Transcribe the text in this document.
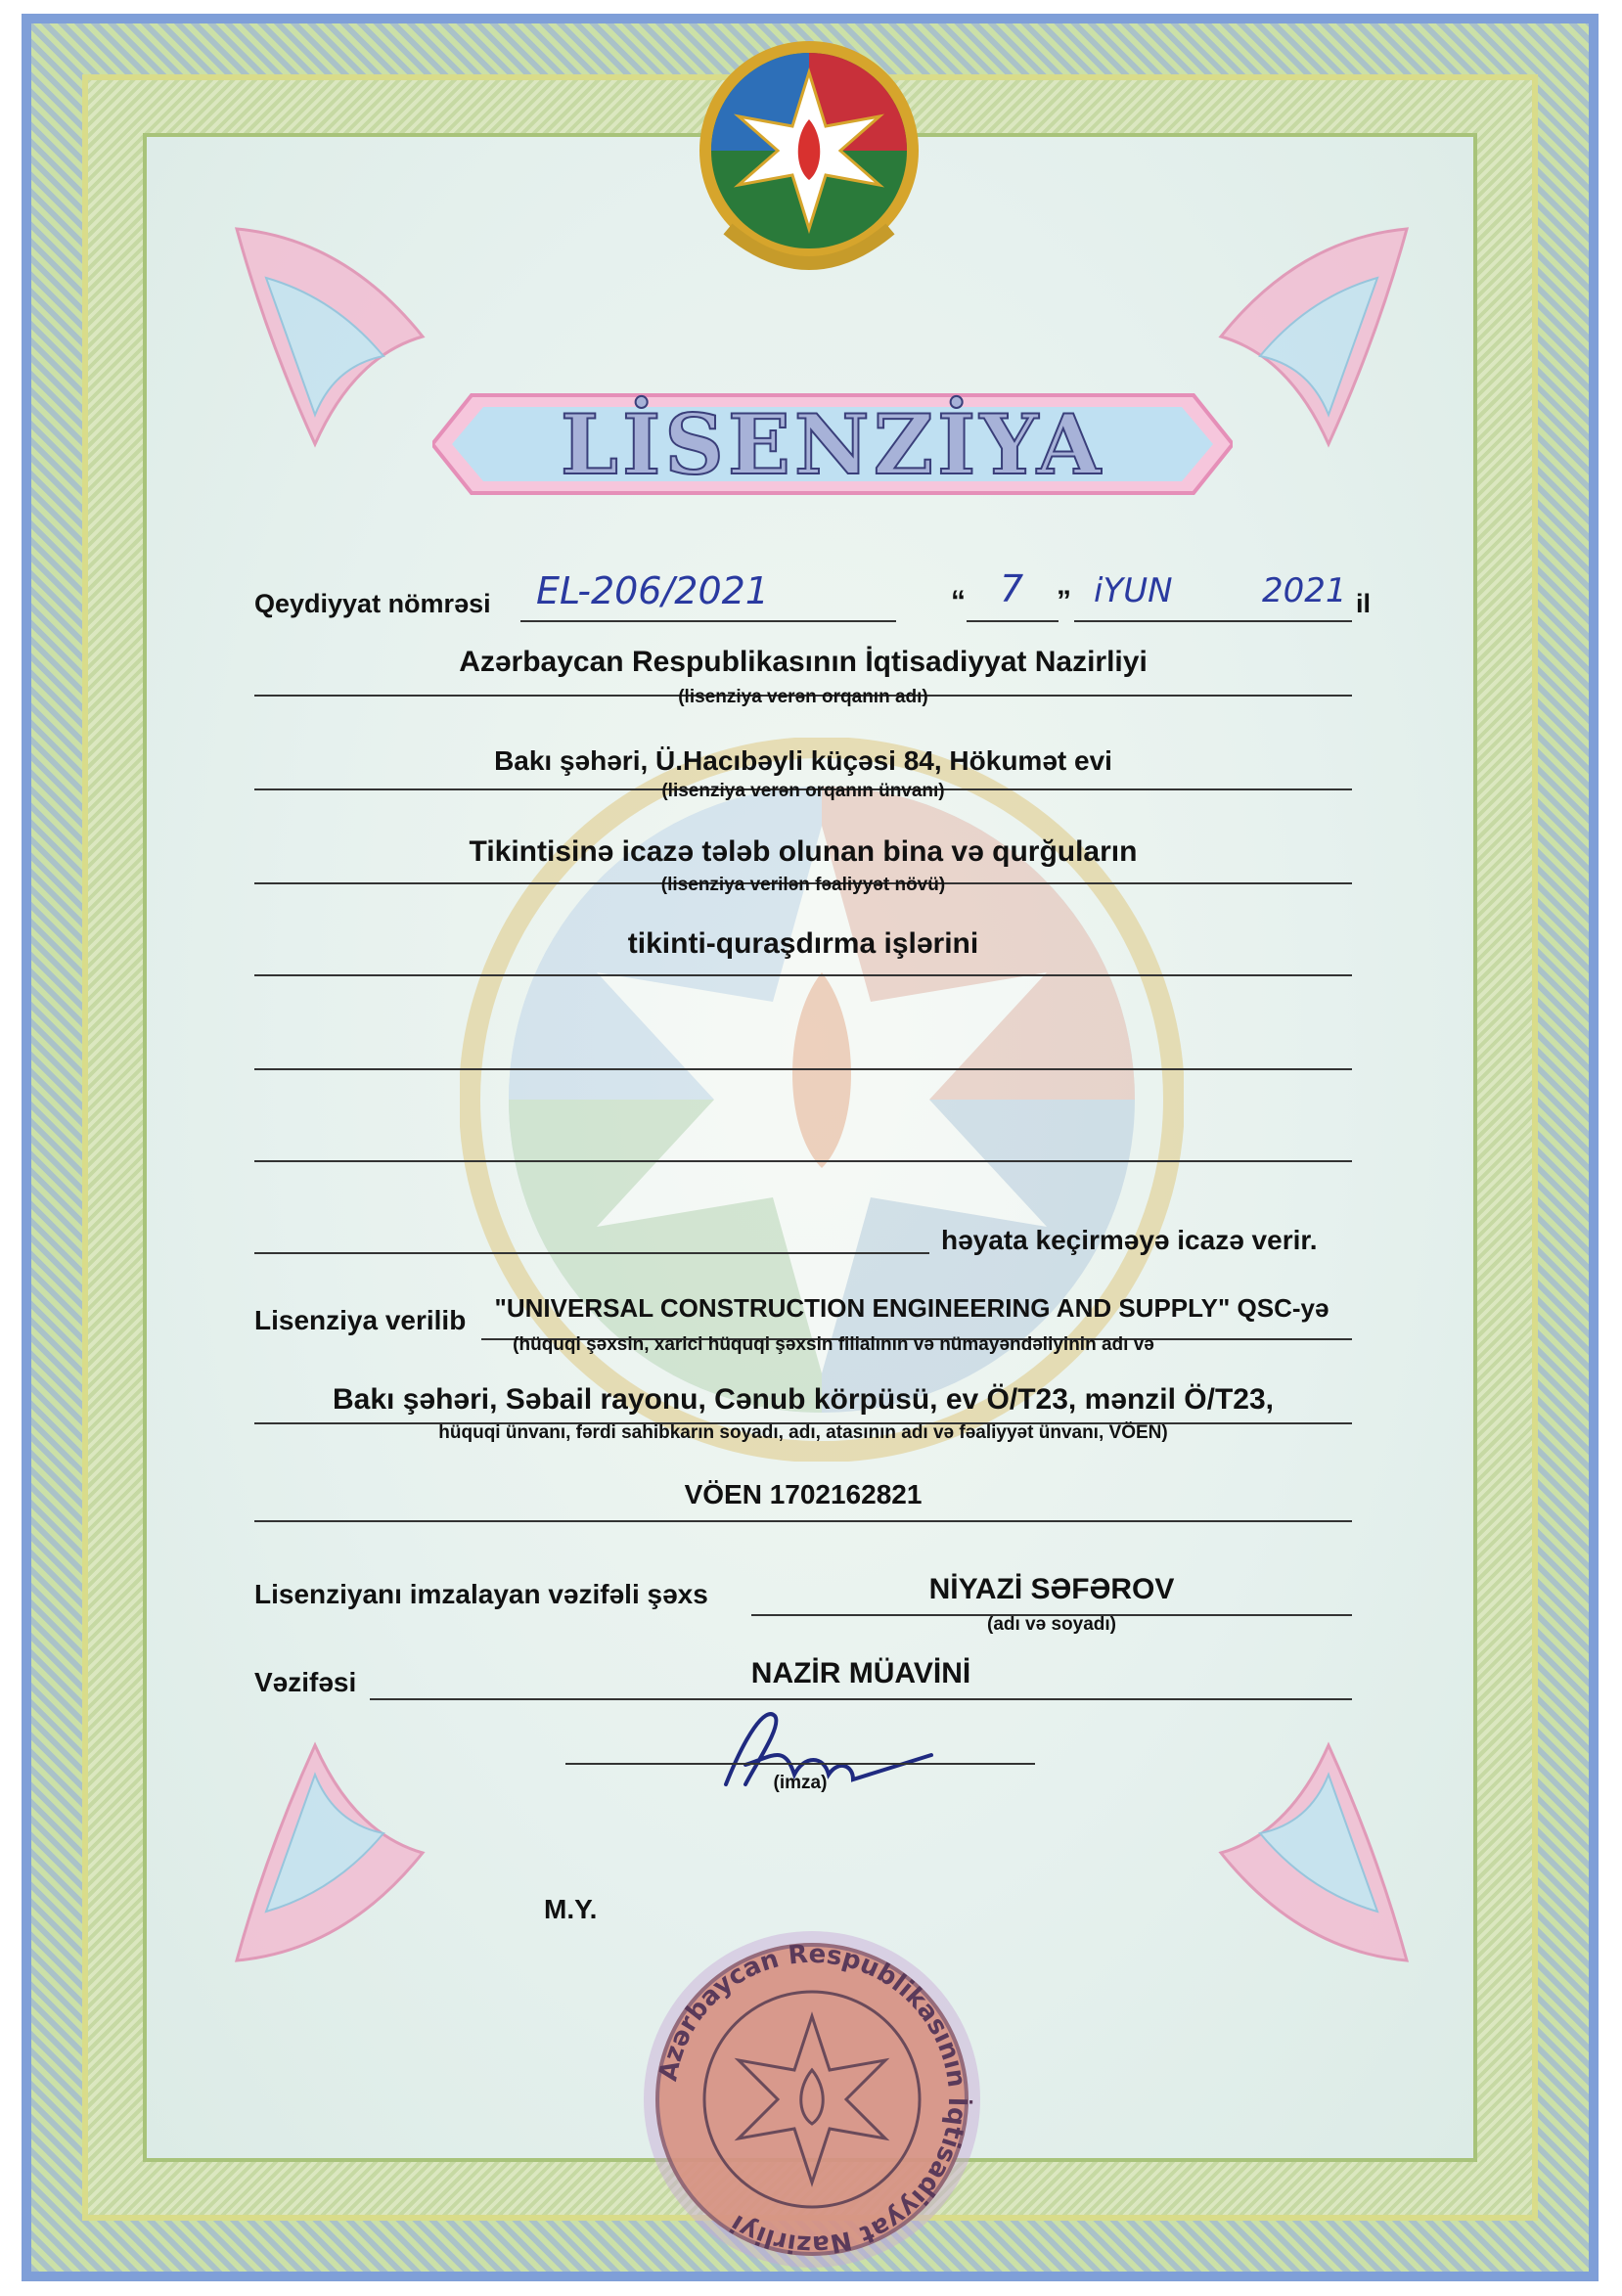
LİSENZİYA
Qeydiyyat nömrəsi EL-206/2021	“ 7 ” iYUN	2021 il
Azərbaycan Respublikasının İqtisadiyyat Nazirliyi
(lisenziya verən orqanın adı)
Bakı şəhəri, Ü.Hacıbəyli küçəsi 84, Hökumət evi
(lisenziya verən orqanın ünvanı)
Tikintisinə icazə tələb olunan bina və qurğuların
(lisenziya verilən fəaliyyət növü)
tikinti-quraşdırma işlərini
həyata keçirməyə icazə verir.
Lisenziya verilib	"UNIVERSAL CONSTRUCTION ENGINEERING AND SUPPLY" QSC-yə
(hüquqi şəxsin, xarici hüquqi şəxsin filialının və nümayəndəliyinin adı və
Bakı şəhəri, Səbail rayonu, Cənub körpüsü, ev Ö/T23, mənzil Ö/T23,
hüquqi ünvanı, fərdi sahibkarın soyadı, adı, atasının adı və fəaliyyət ünvanı, VÖEN)
VÖEN 1702162821
Lisenziyanı imzalayan vəzifəli şəxs	NİYAZİ SƏFƏROV
(adı və soyadı)
Vəzifəsi	NAZİR MÜAVİNİ
(imza)
M.Y.
Azərbaycan Respublikasının İqtisadiyyat Nazirliyi
